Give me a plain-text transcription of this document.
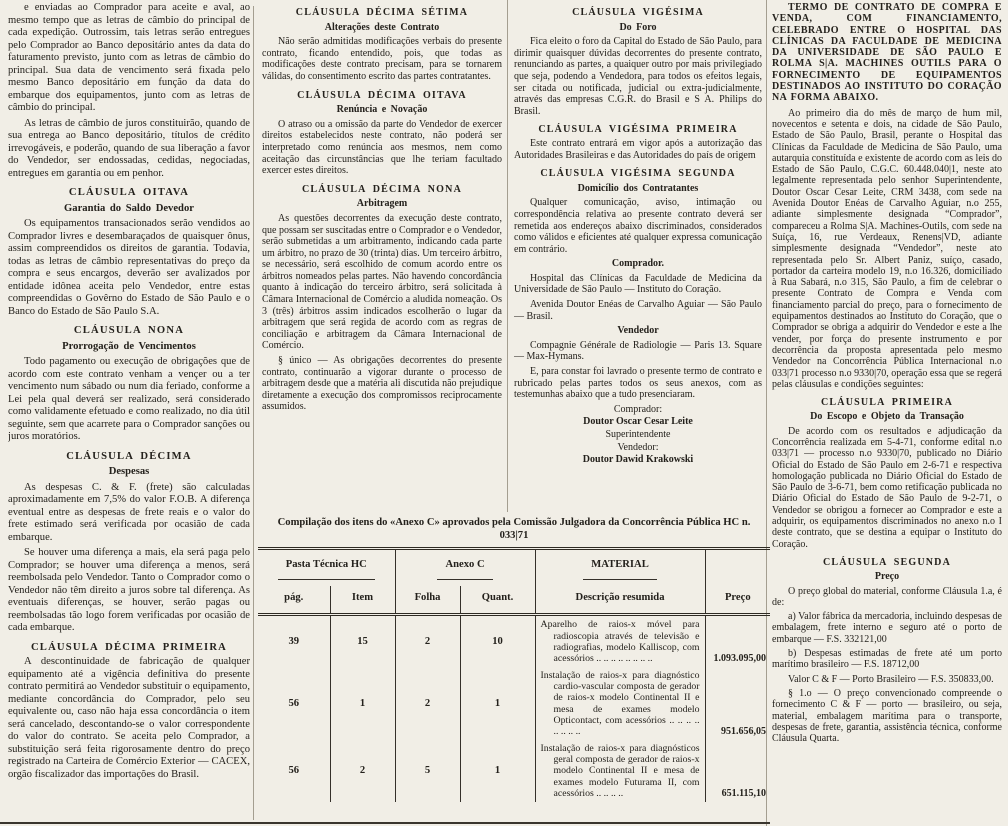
e enviadas ao Comprador para aceite e aval, ao mesmo tempo que as letras de câmbio do principal de cada expedição. Outrossim, tais letras serão entregues pelo Comprador ao Banco depositário antes da data do faturamento previsto, junto com as letras de câmbio do principal. Sua data de vencimento será fixada pelo mesmo Banco depositário em função da data do embarque dos equipamentos, junto com as letras de câmbio do principal.
As letras de câmbio de juros constituirão, quando de sua entrega ao Banco depositário, títulos de crédito irrevogáveis, e poderão, quando de sua liberação a favor do Vendedor, ser endossadas, cedidas, negociadas, entregues em garantia ou em penhor.
CLÁUSULA OITAVA
Garantia do Saldo Devedor
Os equipamentos transacionados serão vendidos ao Comprador livres e desembaraçados de quaisquer ônus, assim compreendidos os direitos de garantia. Todavia, todas as letras de câmbio representativas do preço da compra e seus encargos, deverão ser avalizados por entidade idônea aceita pelo Vendedor, entre estas compreendidas o Govêrno do Estado de São Paulo e o Banco do Estado de São Paulo S.A.
CLÁUSULA NONA
Prorrogação de Vencimentos
Todo pagamento ou execução de obrigações que de acordo com este contrato venham a vençer ou a ter vencimento num sábado ou num dia feriado, conforme a Lei pela qual deverá ser realizado, será considerado como validamente efetuado e como realizado, no dia útil seguinte, sem que acarrete para o Comprador sanções ou juros moratórios.
CLÁUSULA DÉCIMA
Despesas
As despesas C. & F. (frete) são calculadas aproximadamente em 7,5% do valor F.O.B. A diferença eventual entre as despesas de frete reais e o valor do frete estimado será verificada por ocasião de cada embarque.
Se houver uma diferença a mais, ela será paga pelo Comprador; se houver uma diferença a menos, será reembolsada pelo Vendedor. Tanto o Comprador como o Vendedor não têm direito a juros sobre tal diferença. As eventuais diferenças, se houver, serão pagas ou reembolsadas tão logo forem verificadas por ocasião de cada embarque.
CLÁUSULA DÉCIMA PRIMEIRA
A descontinuidade de fabricação de qualquer equipamento até a vigência definitiva do presente contrato permitirá ao Vendedor substituir o equipamento, mediante concordância do Comprador, pelo seu equivalente ou, caso não haja essa concordância o item será cancelado, descontando-se o valor correspondente do valor do contrato. Se aceita pelo Comprador, a substituição será feita rigorosamente dentro do preço registrado na Carteira de Comércio Exterior — CACEX, orgão fiscalizador das importações do Brasil.
CLÁUSULA DÉCIMA SÉTIMA
Alterações deste Contrato
Não serão admitidas modificações verbais do presente contrato, ficando entendido, pois, que todas as modificações deste contrato precisam, para se tornarem válidas, do consentimento escrito das partes contratantes.
CLÁUSULA DÉCIMA OITAVA
Renúncia e Novação
O atraso ou a omissão da parte do Vendedor de exercer direitos estabelecidos neste contrato, não poderá ser interpretado como renúncia aos mesmos, nem como aceitação das circunstâncias que lhe teriam facultado exercer estes direitos.
CLÁUSULA DÉCIMA NONA
Arbitragem
As questões decorrentes da execução deste contrato, que possam ser suscitadas entre o Comprador e o Vendedor, serão submetidas a um arbitramento, indicando cada parte um árbitro, no prazo de 30 (trinta) dias. Um terceiro árbitro, se necessário, será escolhido de comum acordo entre os árbitros nomeados pelas partes. Não havendo concordância quanto à indicação do terceiro árbitro, será solicitada à Câmara Internacional de Comércio a aludida nomeação. Os 3 (três) árbitros assim indicados escolherão o lugar da arbitragem que será regida de acordo com as regras de conciliação e arbitragem da Câmara Internacional de Comércio.
§ único — As obrigações decorrentes do presente contrato, continuarão a vigorar durante o processo de arbitragem desde que a matéria ali discutida não prejudique diretamente a execução dos compromissos reciprocamente assumidos.
CLÁUSULA VIGÉSIMA
Do Foro
Fica eleito o foro da Capital do Estado de São Paulo, para dirimir quaisquer dúvidas decorrentes do presente contrato, renunciando as partes, a quaiquer outro por mais privilegiado que seja, podendo a Vendedora, para todos os efeitos legais, ser citada ou notificada, judicial ou extra-judicialmente, através das empresas C.G.R. do Brasil e S A. Philips do Brasil.
CLÁUSULA VIGÉSIMA PRIMEIRA
Este contrato entrará em vigor após a autorização das Autoridades Brasileiras e das Autoridades do país de origem
CLÁUSULA VIGÉSIMA SEGUNDA
Domicílio dos Contratantes
Qualquer comunicação, aviso, intimação ou correspondência relativa ao presente contrato deverá ser remetida aos endereços abaixo discriminados, considerados como válidos e eficientes até qualquer expressa comunicação em contrário.
Comprador.
Hospital das Clínicas da Faculdade de Medicina da Universidade de São Paulo — Instituto do Coração.
Avenida Doutor Enéas de Carvalho Aguiar — São Paulo — Brasil.
Vendedor
Compagnie Générale de Radiologie — Paris 13. Square — Max-Hymans.
E, para constar foi lavrado o presente termo de contrato e rubricado pelas partes todos os seus anexos, com as testemunhas abaixo que a tudo presenciaram.
Comprador:
Doutor Oscar Cesar Leite
Superintendente
Vendedor:
Doutor Dawid Krakowski
TERMO DE CONTRATO DE COMPRA E VENDA, COM FINANCIAMENTO, CELEBRADO ENTRE O HOSPITAL DAS CLÍNICAS DA FACULDADE DE MEDICINA DA UNIVERSIDADE DE SÃO PAULO E ROLMA S|A. MACHINES OUTILS PARA O FORNECIMENTO DE EQUIPAMENTOS DESTINADOS AO INSTITUTO DO CORAÇÃO NA FORMA ABAIXO.
Ao primeiro dia do mês de março de hum mil, novecentos e setenta e dois, na cidade de São Paulo, Estado de São Paulo, Brasil, perante o Hospital das Clínicas da Faculdade de Medicina de São Paulo, uma autarquia constituída e existente de acordo com as leis do Estado de São Paulo, C.G.C. 60.448.040|1, neste ato legalmente representada pelo senhor Superintendente, Doutor Oscar Cesar Leite, CRM 3438, com sede na Avenida Doutor Enéas de Carvalho Aguiar, n.o 255, adiante simplesmente designada “Comprador”, compareceu a Rolma S|A. Machines-Outils, com sede na Suíça, 16, rue Verdeaux, Renens|VD, adiante simplesmente designada “Vendedor”, neste ato representada pelo Sr. Albert Paniz, suíço, casado, portador da carteira modelo 19, n.o 16.326, domiciliado à Rua Sabará, n.o 315, São Paulo, a fim de celebrar o presente Contrato de Compra e Venda com financiamento parcial do preço, para o fornecimento de equipamentos destinados ao Instituto do Coração, que o Comprador se obriga a adquirir do Vendedor e este a lhe vender, por força do presente instrumento e por decorrência da proposta apresentada pelo mesmo Vendedor na Concorrência Pública Internacional n.o 033|71 processo n.o 9330|70, operação essa que se regerá pelas cláusulas e condições seguintes:
CLÁUSULA PRIMEIRA
Do Escopo e Objeto da Transação
De acordo com os resultados e adjudicação da Concorrência realizada em 5-4-71, conforme edital n.o 033|71 — processo n.o 9330|70, publicado no Diário Oficial do Estado de São Paulo em 2-6-71 e respectiva homologação publicada no Diário Oficial do Estado de São Paulo de 3-6-71, bem como retificação publicada no Diário Oficial do Estado de São Paulo de 9-2-71, o Vendedor se obrigou a fornecer ao Comprador e este a adquirir, os equipamentos discriminados no anexo n.o I deste contrato, que se destina a equipar o Instituto do Coração.
CLÁUSULA SEGUNDA
Preço
O preço global do material, conforme Cláusula 1.a, é de:
a) Valor fábrica da mercadoria, incluindo despesas de embalagem, frete interno e seguro até o porto de embarque — F.S. 332121,00
b) Despesas estimadas de frete até um porto marítimo brasileiro — F.S. 18712,00
Valor C & F — Porto Brasileiro — F.S. 350833,00.
§ 1.o — O preço convencionado compreende o fornecimento C & F — porto — brasileiro, ou seja, material, embalagem marítima para o transporte, despesas de frete, garantia, assistência técnica, conforme Cláusula Quarta.
Compilação dos itens do «Anexo C» aprovados pela Comissão Julgadora da Concorrência Pública HC n. 033|71
Pasta Técnica HC		Anexo C		MATERIAL	
pág.	Item	Folha	Quant.	Descrição resumida	Preço
39	15	2	10	Aparelho de raios-x móvel para radioscopia através de televisão e radiografias, modelo Kalliscop, com acessórios .. .. .. .. .. .. .. ..	1.093.095,00
56	1	2	1	Instalação de raios-x para diagnóstico cardio-vascular composta de gerador de raios-x modelo Continental II e mesa de exames modelo Opticontact, com acessórios .. .. .. .. .. .. .. ..	951.656,05
56	2	5	1	Instalação de raios-x para diagnósticos geral composta de gerador de raios-x modelo Continental II e mesa de exames modelo Futurama II, com acessórios .. .. .. ..	651.115,10
